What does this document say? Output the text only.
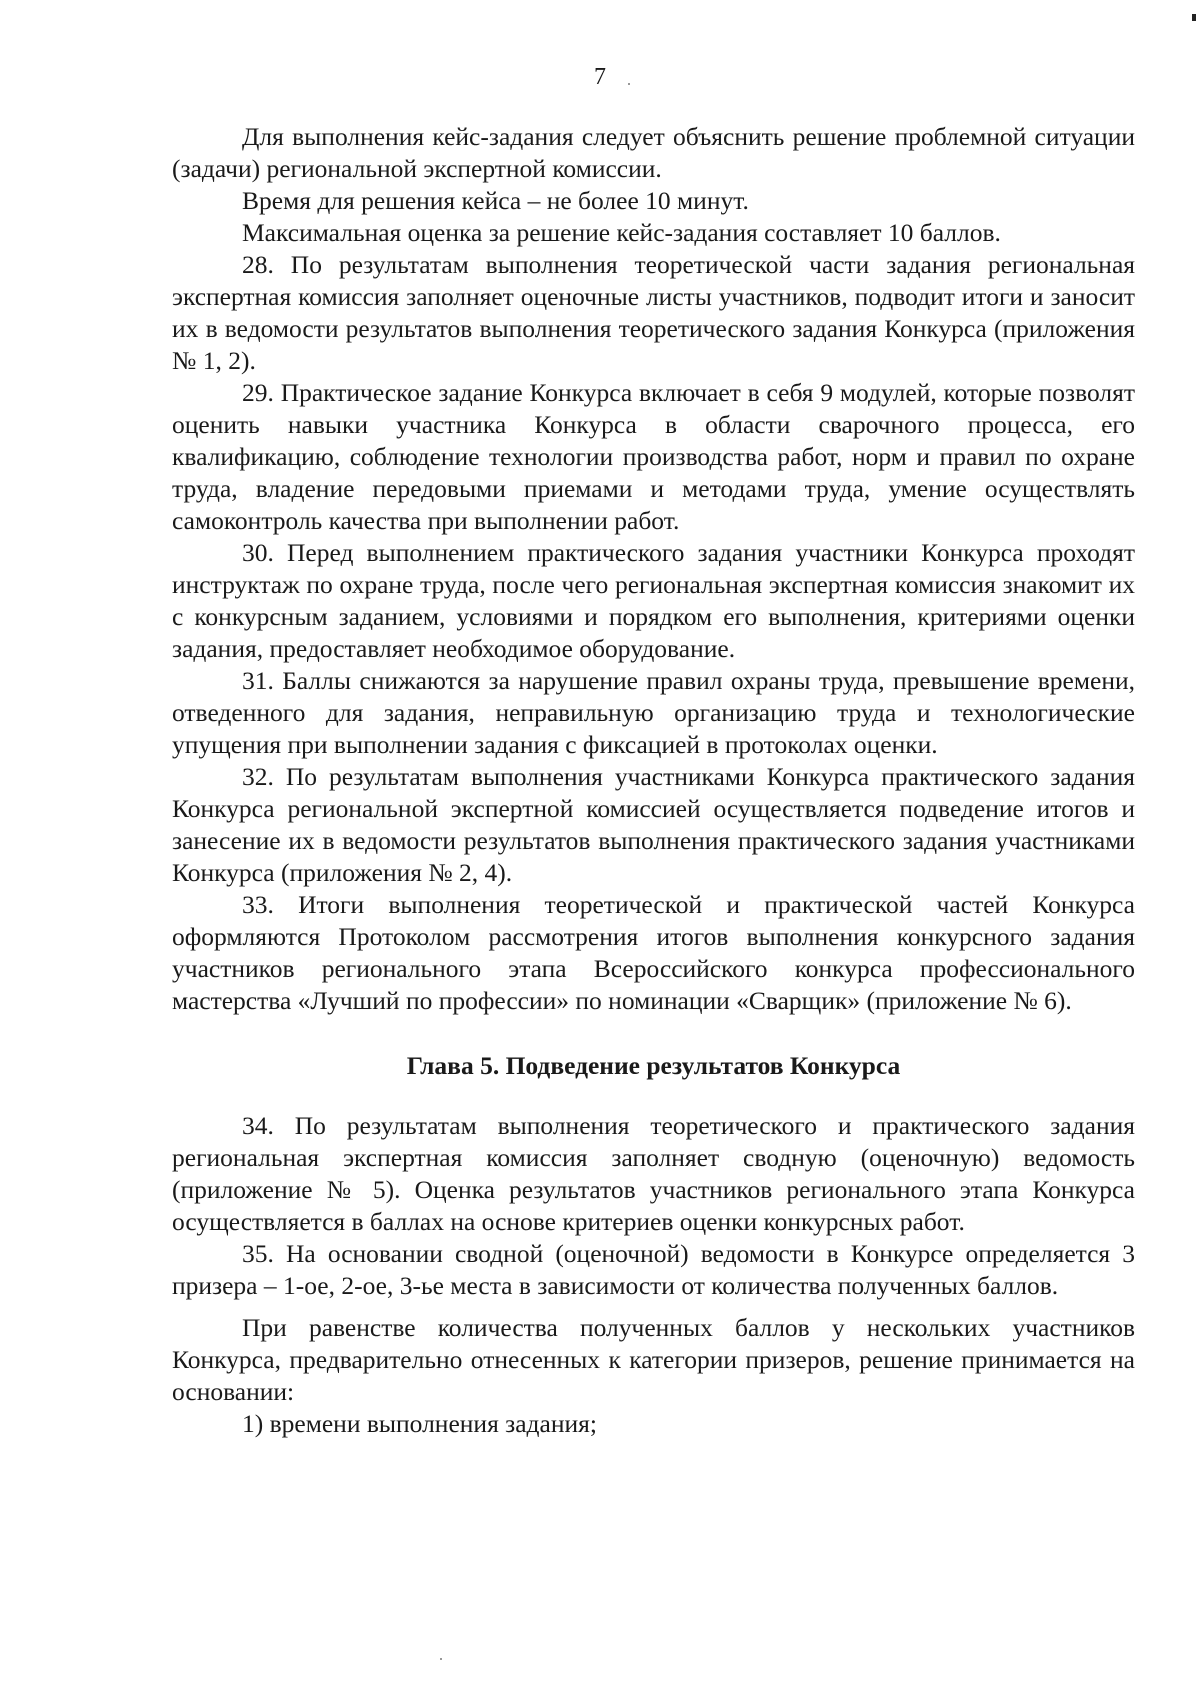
7

Для выполнения кейс-задания следует объяснить решение проблемной ситуации (задачи) региональной экспертной комиссии.

Время для решения кейса – не более 10 минут.

Максимальная оценка за решение кейс-задания составляет 10 баллов.

28. По результатам выполнения теоретической части задания региональная экспертная комиссия заполняет оценочные листы участников, подводит итоги и заносит их в ведомости результатов выполнения теоретического задания Конкурса (приложения № 1, 2).

29. Практическое задание Конкурса включает в себя 9 модулей, которые позволят оценить навыки участника Конкурса в области сварочного процесса, его квалификацию, соблюдение технологии производства работ, норм и правил по охране труда, владение передовыми приемами и методами труда, умение осуществлять самоконтроль качества при выполнении работ.

30. Перед выполнением практического задания участники Конкурса проходят инструктаж по охране труда, после чего региональная экспертная комиссия знакомит их с конкурсным заданием, условиями и порядком его выполнения, критериями оценки задания, предоставляет необходимое оборудование.

31. Баллы снижаются за нарушение правил охраны труда, превышение времени, отведенного для задания, неправильную организацию труда и технологические упущения при выполнении задания с фиксацией в протоколах оценки.

32. По результатам выполнения участниками Конкурса практического задания Конкурса региональной экспертной комиссией осуществляется подведение итогов и занесение их в ведомости результатов выполнения практического задания участниками Конкурса (приложения № 2, 4).

33. Итоги выполнения теоретической и практической частей Конкурса оформляются Протоколом рассмотрения итогов выполнения конкурсного задания участников регионального этапа Всероссийского конкурса профессионального мастерства «Лучший по профессии» по номинации «Сварщик» (приложение № 6).

Глава 5. Подведение результатов Конкурса

34. По результатам выполнения теоретического и практического задания региональная экспертная комиссия заполняет сводную (оценочную) ведомость (приложение № 5). Оценка результатов участников регионального этапа Конкурса осуществляется в баллах на основе критериев оценки конкурсных работ.

35. На основании сводной (оценочной) ведомости в Конкурсе определяется 3 призера – 1-ое, 2-ое, 3-ье места в зависимости от количества полученных баллов.

При равенстве количества полученных баллов у нескольких участников Конкурса, предварительно отнесенных к категории призеров, решение принимается на основании:

1) времени выполнения задания;
